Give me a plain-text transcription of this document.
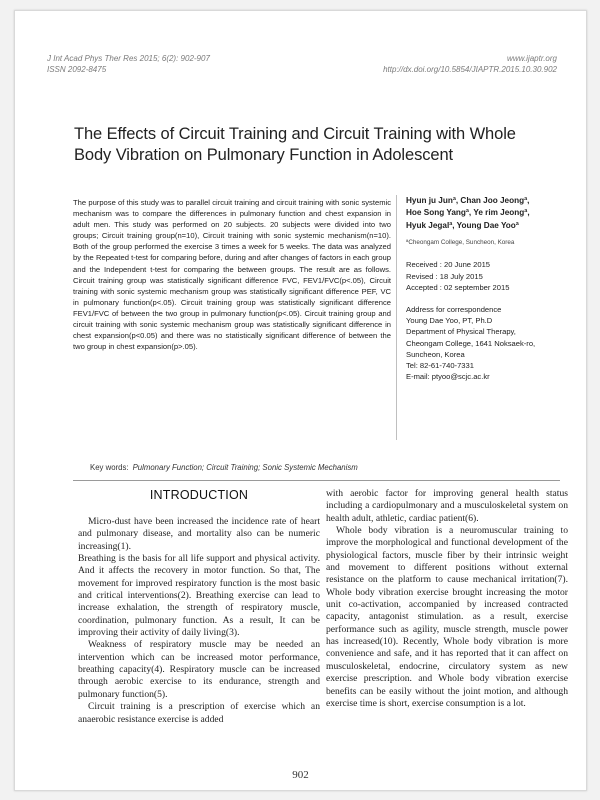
J Int Acad Phys Ther Res 2015; 6(2): 902-907
ISSN 2092-8475
www.ijaptr.org
http://dx.doi.org/10.5854/JIAPTR.2015.10.30.902
The Effects of Circuit Training and Circuit Training with Whole Body Vibration on Pulmonary Function in Adolescent
The purpose of this study was to parallel circuit training and circuit training with sonic systemic mechanism was to compare the differences in pulmonary function and chest expansion in adult men. This study was performed on 20 subjects. 20 subjects were divided into two groups; Circuit training group(n=10), Circuit training with sonic systemic mechanism(n=10). Both of the group performed the exercise 3 times a week for 5 weeks. The data was analyzed by the Repeated t-test for comparing before, during and after changes of factors in each group and the Independent t-test for comparing the between groups. The result are as follows. Circuit training group was statistically significant difference FVC, FEV1/FVC(p<.05), Circuit training with sonic systemic mechanism group was statistically significant difference PEF, VC in pulmonary function(p<.05). Circuit training group was statistically significant difference FEV1/FVC of between the two group in pulmonary function(p<.05). Circuit training group and circuit training with sonic systemic mechanism group was statistically significant difference in chest expansion(p<0.05) and there was no statistically significant difference of between the two group in chest expansion(p>.05).
Hyun ju Junª, Chan Joo Jeongª,
Hoe Song Yangª, Ye rim Jeongª,
Hyuk Jegalª, Young Dae Yooª
ªCheongam College, Suncheon, Korea
Received : 20 June 2015
Revised : 18 July 2015
Accepted : 02 september 2015
Address for correspondence
Young Dae Yoo, PT, Ph.D
Department of Physical Therapy,
Cheongam College, 1641 Noksaek-ro,
Suncheon, Korea
Tel: 82-61-740-7331
E-mail: ptyoo@scjc.ac.kr
Key words: Pulmonary Function; Circuit Training; Sonic Systemic Mechanism
INTRODUCTION

Micro-dust have been increased the incidence rate of heart and pulmonary disease, and mortality also can be numeric increasing(1).

Breathing is the basis for all life support and physical activity. And it affects the recovery in motor function. So that, The movement for improved respiratory function is the most basic and critical interventions(2). Breathing exercise can lead to increase exhalation, the strength of respiratory muscle, coordination, pulmonary function. As a result, It can be improving their activity of daily living(3).

Weakness of respiratory muscle may be needed an intervention which can be increased motor performance, breathing capacity(4). Respiratory muscle can be increased through aerobic exercise to its endurance, strength and pulmonary function(5).

Circuit training is a prescription of exercise which an anaerobic resistance exercise is added

with aerobic factor for improving general health status including a cardiopulmonary and a musculoskeletal system on health adult, athletic, cardiac patient(6).

Whole body vibration is a neuromuscular training to improve the morphological and functional development of the physiological factors, muscle fiber by their intrinsic weight and movement to different positions without external resistance on the platform to cause mechanical irritation(7). Whole body vibration exercise brought increasing the motor unit co-activation, accompanied by increased contracted capacity, antagonist stimulation. as a result, exercise performance such as agility, muscle strength, muscle power has increased(10). Recently, Whole body vibration is more convenience and safe, and it has reported that it can affect on musculoskeletal, endocrine, circulatory system as new exercise prescription. and Whole body vibration exercise benefits can be easily without the joint motion, and although exercise time is short, exercise consumption is a lot.

902
